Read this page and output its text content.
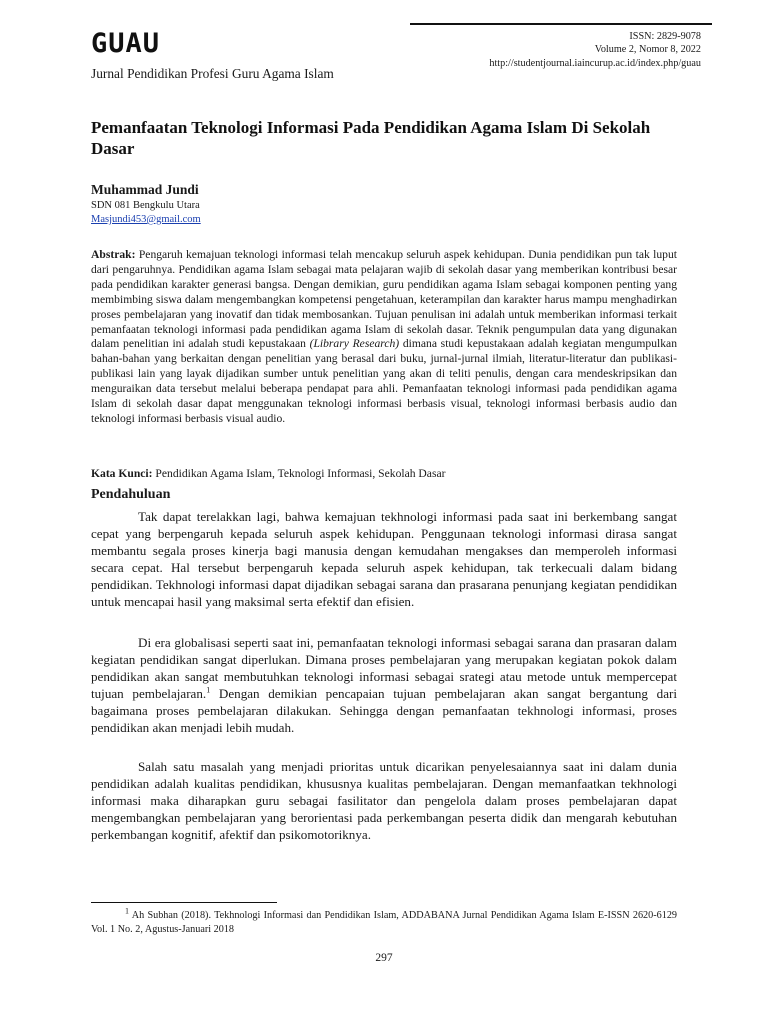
GUAU
Jurnal Pendidikan Profesi Guru Agama Islam
ISSN: 2829-9078
Volume 2, Nomor 8, 2022
http://studentjournal.iaincurup.ac.id/index.php/guau
Pemanfaatan Teknologi Informasi Pada Pendidikan Agama Islam Di Sekolah Dasar
Muhammad Jundi
SDN 081 Bengkulu Utara
Masjundi453@gmail.com

Abstrak: Pengaruh kemajuan teknologi informasi telah mencakup seluruh aspek kehidupan. Dunia pendidikan pun tak luput dari pengaruhnya. Pendidikan agama Islam sebagai mata pelajaran wajib di sekolah dasar yang memberikan kontribusi besar pada pendidikan karakter generasi bangsa. Dengan demikian, guru pendidikan agama Islam sebagai komponen penting yang membimbing siswa dalam mengembangkan kompetensi pengetahuan, keterampilan dan karakter harus mampu menghadirkan proses pembelajaran yang inovatif dan tidak membosankan. Tujuan penulisan ini adalah untuk memberikan informasi terkait pemanfaatan teknologi informasi pada pendidikan agama Islam di sekolah dasar. Teknik pengumpulan data yang digunakan dalam penelitian ini adalah studi kepustakaan (Library Research) dimana studi kepustakaan adalah kegiatan mengumpulkan bahan-bahan yang berkaitan dengan penelitian yang berasal dari buku, jurnal-jurnal ilmiah, literatur-literatur dan publikasi-publikasi lain yang layak dijadikan sumber untuk penelitian yang akan di teliti penulis, dengan cara mendeskripsikan dan menguraikan data tersebut melalui beberapa pendapat para ahli. Pemanfaatan teknologi informasi pada pendidikan agama Islam di sekolah dasar dapat menggunakan teknologi informasi berbasis visual, teknologi informasi berbasis audio dan teknologi informasi berbasis visual audio.

Kata Kunci: Pendidikan Agama Islam, Teknologi Informasi, Sekolah Dasar
Pendahuluan

Tak dapat terelakkan lagi, bahwa kemajuan tekhnologi informasi pada saat ini berkembang sangat cepat yang berpengaruh kepada seluruh aspek kehidupan. Penggunaan teknologi informasi dirasa sangat membantu segala proses kinerja bagi manusia dengan kemudahan mengakses dan memperoleh informasi secara cepat. Hal tersebut berpengaruh kepada seluruh aspek kehidupan, tak terkecuali dalam bidang pendidikan. Tekhnologi informasi dapat dijadikan sebagai sarana dan prasarana penunjang kegiatan pendidikan untuk mencapai hasil yang maksimal serta efektif dan efisien.

Di era globalisasi seperti saat ini, pemanfaatan teknologi informasi sebagai sarana dan prasaran dalam kegiatan pendidikan sangat diperlukan. Dimana proses pembelajaran yang merupakan kegiatan pokok dalam pendidikan akan sangat membutuhkan teknologi informasi sebagai srategi atau metode untuk mempercepat tujuan pembelajaran.$^1$ Dengan demikian pencapaian tujuan pembelajaran akan sangat bergantung dari bagaimana proses pembelajaran dilakukan. Sehingga dengan pemanfaatan tekhnologi informasi, proses pendidikan akan menjadi lebih mudah.

Salah satu masalah yang menjadi prioritas untuk dicarikan penyelesaiannya saat ini dalam dunia pendidikan adalah kualitas pendidikan, khususnya kualitas pembelajaran. Dengan memanfaatkan tekhnologi informasi maka diharapkan guru sebagai fasilitator dan pengelola dalam proses pembelajaran dapat mengembangkan pembelajaran yang berorientasi pada perkembangan peserta didik dan mengarah kebutuhan perkembangan kognitif, afektif dan psikomotoriknya.

$^1$ Ah Subhan (2018). Tekhnologi Informasi dan Pendidikan Islam, ADDABANA Jurnal Pendidikan Agama Islam E-ISSN 2620-6129 Vol. 1 No. 2, Agustus-Januari 2018

297
